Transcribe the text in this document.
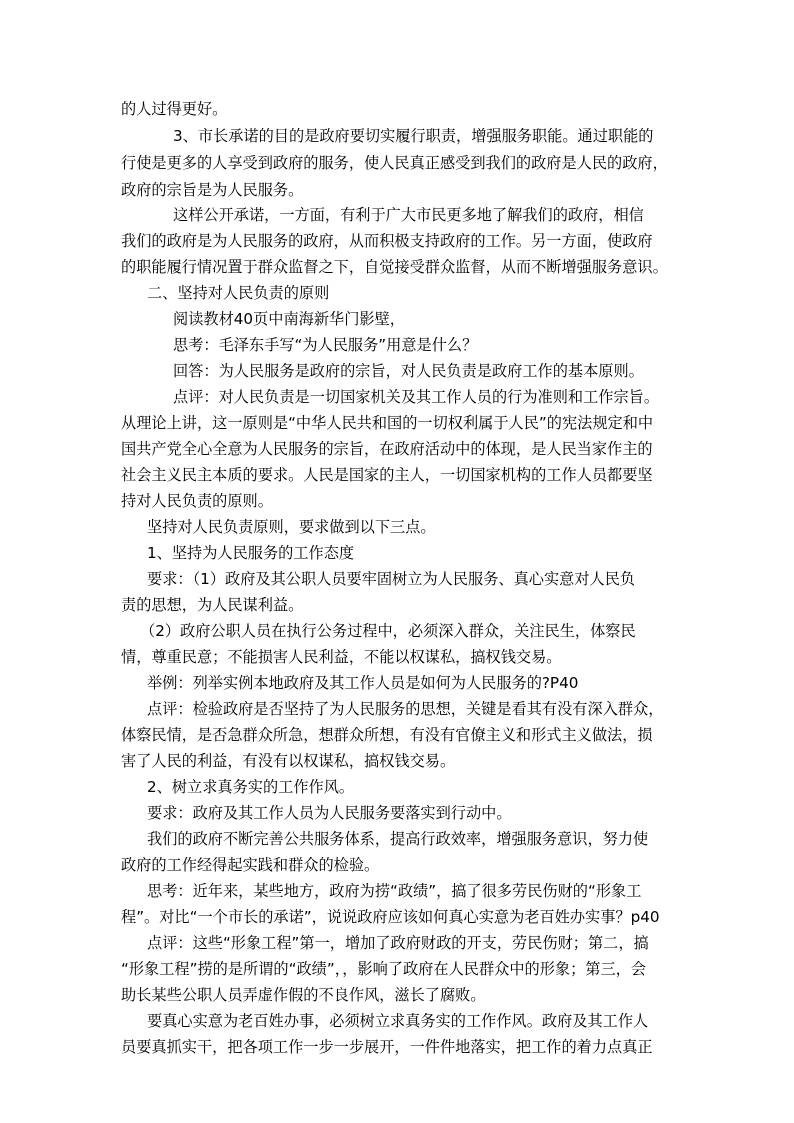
的人过得更好。
3、市长承诺的目的是政府要切实履行职责，增强服务职能。通过职能的
行使是更多的人享受到政府的服务，使人民真正感受到我们的政府是人民的政府，
政府的宗旨是为人民服务。
这样公开承诺，一方面，有利于广大市民更多地了解我们的政府，相信
我们的政府是为人民服务的政府，从而积极支持政府的工作。另一方面，使政府
的职能履行情况置于群众监督之下，自觉接受群众监督，从而不断增强服务意识。
二、坚持对人民负责的原则
阅读教材40页中南海新华门影壁，
思考：毛泽东手写“为人民服务”用意是什么？
回答：为人民服务是政府的宗旨，对人民负责是政府工作的基本原则。
点评：对人民负责是一切国家机关及其工作人员的行为准则和工作宗旨。
从理论上讲，这一原则是“中华人民共和国的一切权利属于人民”的宪法规定和中
国共产党全心全意为人民服务的宗旨，在政府活动中的体现，是人民当家作主的
社会主义民主本质的要求。人民是国家的主人，一切国家机构的工作人员都要坚
持对人民负责的原则。
坚持对人民负责原则，要求做到以下三点。
1、坚持为人民服务的工作态度
要求：（1）政府及其公职人员要牢固树立为人民服务、真心实意对人民负
责的思想，为人民谋利益。
（2）政府公职人员在执行公务过程中，必须深入群众，关注民生，体察民
情，尊重民意；不能损害人民利益，不能以权谋私，搞权钱交易。
举例：列举实例本地政府及其工作人员是如何为人民服务的?P40
点评：检验政府是否坚持了为人民服务的思想，关键是看其有没有深入群众，
体察民情，是否急群众所急，想群众所想，有没有官僚主义和形式主义做法，损
害了人民的利益，有没有以权谋私，搞权钱交易。
2、树立求真务实的工作作风。
要求：政府及其工作人员为人民服务要落实到行动中。
我们的政府不断完善公共服务体系，提高行政效率，增强服务意识，努力使
政府的工作经得起实践和群众的检验。
思考：近年来，某些地方，政府为捞“政绩”，搞了很多劳民伤财的“形象工
程”。对比“一个市长的承诺”，说说政府应该如何真心实意为老百姓办实事？p40
点评：这些“形象工程”第一，增加了政府财政的开支，劳民伤财；第二，搞
“形象工程”捞的是所谓的“政绩”，，影响了政府在人民群众中的形象；第三，会
助长某些公职人员弄虚作假的不良作风，滋长了腐败。
要真心实意为老百姓办事，必须树立求真务实的工作作风。政府及其工作人
员要真抓实干，把各项工作一步一步展开，一件件地落实，把工作的着力点真正
